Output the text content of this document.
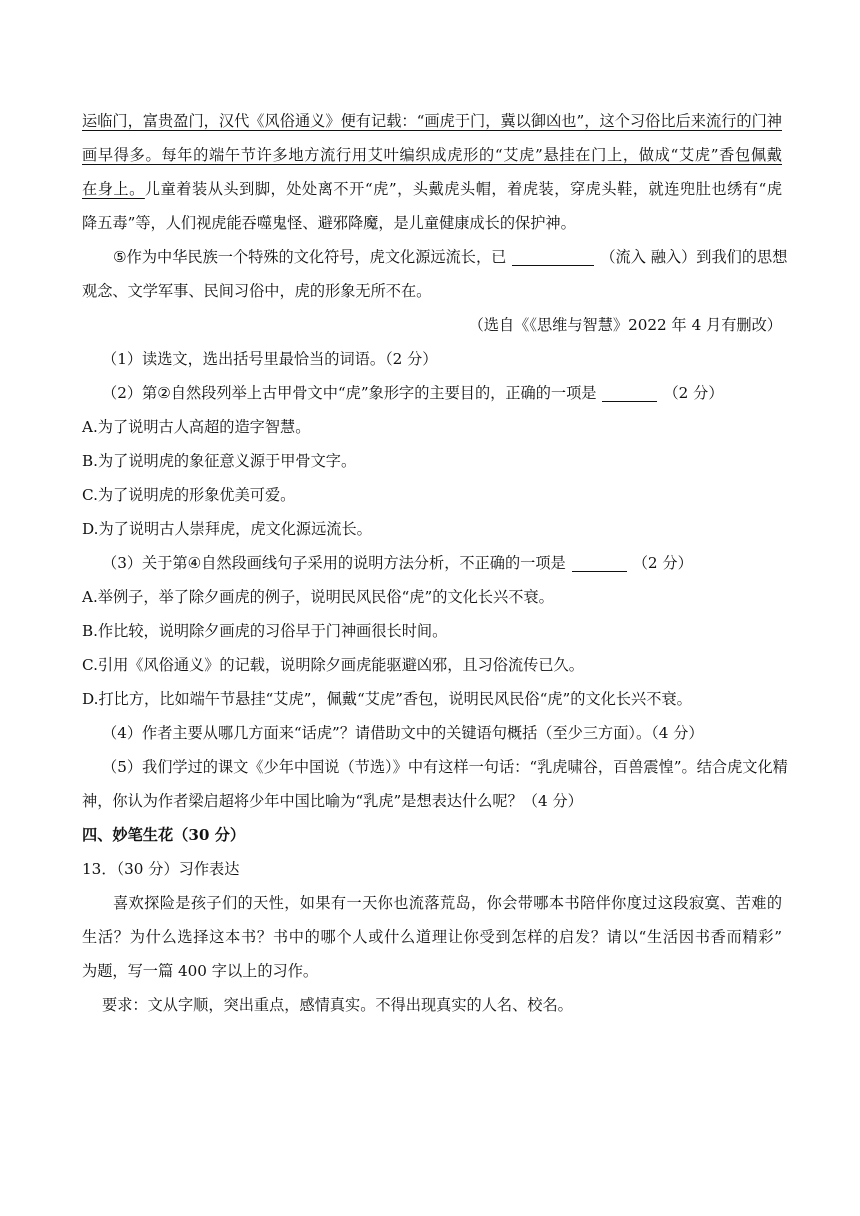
运临门，富贵盈门，汉代《风俗通义》便有记载：“画虎于门，冀以御凶也”，这个习俗比后来流行的门神
画早得多。每年的端午节许多地方流行用艾叶编织成虎形的“艾虎”悬挂在门上，做成“艾虎”香包佩戴
在身上。儿童着装从头到脚，处处离不开“虎”，头戴虎头帽，着虎装，穿虎头鞋，就连兜肚也绣有“虎
降五毒”等，人们视虎能吞噬鬼怪、避邪降魔，是儿童健康成长的保护神。
⑤作为中华民族一个特殊的文化符号，虎文化源远流长，已	（流入 融入）到我们的思想
观念、文学军事、民间习俗中，虎的形象无所不在。
（选自《《思维与智慧》2022 年 4 月有删改）
（1）读选文，选出括号里最恰当的词语。（2 分）
（2）第②自然段列举上古甲骨文中“虎”象形字的主要目的，正确的一项是	（2 分）
A.为了说明古人高超的造字智慧。
B.为了说明虎的象征意义源于甲骨文字。
C.为了说明虎的形象优美可爱。
D.为了说明古人崇拜虎，虎文化源远流长。
（3）关于第④自然段画线句子采用的说明方法分析，不正确的一项是	（2 分）
A.举例子，举了除夕画虎的例子，说明民风民俗“虎”的文化长兴不衰。
B.作比较，说明除夕画虎的习俗早于门神画很长时间。
C.引用《风俗通义》的记载，说明除夕画虎能驱避凶邪，且习俗流传已久。
D.打比方，比如端午节悬挂“艾虎”，佩戴“艾虎”香包，说明民风民俗“虎”的文化长兴不衰。
（4）作者主要从哪几方面来“话虎”？请借助文中的关键语句概括（至少三方面）。（4 分）
（5）我们学过的课文《少年中国说（节选）》中有这样一句话：“乳虎啸谷，百兽震惶”。结合虎文化精
神，你认为作者梁启超将少年中国比喻为“乳虎”是想表达什么呢？（4 分）
四、妙笔生花（30 分）
13．（30 分）习作表达
喜欢探险是孩子们的天性，如果有一天你也流落荒岛，你会带哪本书陪伴你度过这段寂寞、苦难的
生活？为什么选择这本书？书中的哪个人或什么道理让你受到怎样的启发？请以“生活因书香而精彩”
为题，写一篇 400 字以上的习作。
要求：文从字顺，突出重点，感情真实。不得出现真实的人名、校名。
